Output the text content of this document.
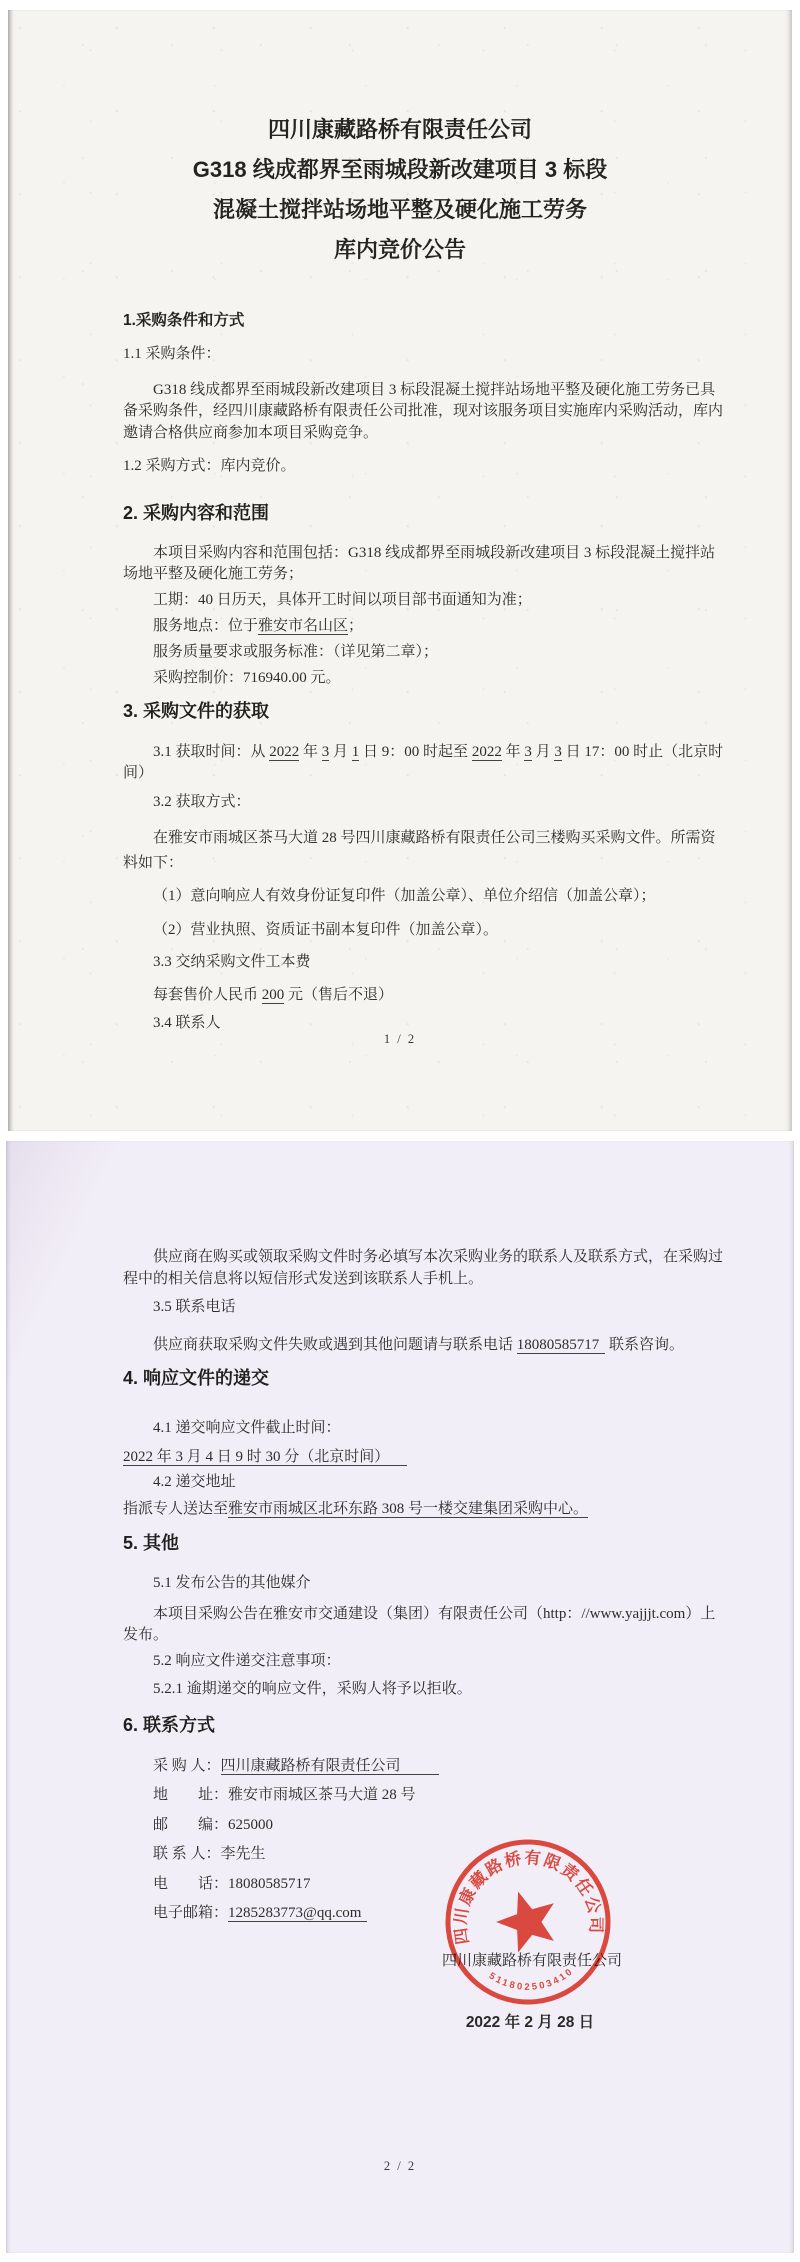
四川康藏路桥有限责任公司
G318 线成都界至雨城段新改建项目 3 标段
混凝土搅拌站场地平整及硬化施工劳务
库内竞价公告
1.采购条件和方式
1.1 采购条件：
G318 线成都界至雨城段新改建项目 3 标段混凝土搅拌站场地平整及硬化施工劳务已具备采购条件，经四川康藏路桥有限责任公司批准，现对该服务项目实施库内采购活动，库内邀请合格供应商参加本项目采购竞争。
1.2 采购方式：库内竞价。
2. 采购内容和范围
本项目采购内容和范围包括：G318 线成都界至雨城段新改建项目 3 标段混凝土搅拌站场地平整及硬化施工劳务；
工期：40 日历天，具体开工时间以项目部书面通知为准；
服务地点：位于雅安市名山区；
服务质量要求或服务标准：（详见第二章）；
采购控制价：716940.00 元。
3. 采购文件的获取
3.1 获取时间：从 2022 年 3 月 1 日 9：00 时起至 2022 年 3 月 3 日 17：00 时止（北京时间）
3.2 获取方式：
在雅安市雨城区茶马大道 28 号四川康藏路桥有限责任公司三楼购买采购文件。所需资料如下：
（1）意向响应人有效身份证复印件（加盖公章）、单位介绍信（加盖公章）；
（2）营业执照、资质证书副本复印件（加盖公章）。
3.3 交纳采购文件工本费
每套售价人民币 200 元（售后不退）
3.4 联系人
1 / 2
供应商在购买或领取采购文件时务必填写本次采购业务的联系人及联系方式，在采购过程中的相关信息将以短信形式发送到该联系人手机上。
3.5 联系电话
供应商获取采购文件失败或遇到其他问题请与联系电话 18080585717 联系咨询。
4. 响应文件的递交
4.1 递交响应文件截止时间：
2022 年 3 月 4 日 9 时 30 分（北京时间）
4.2 递交地址
指派专人送达至雅安市雨城区北环东路 308 号一楼交建集团采购中心。
5. 其他
5.1 发布公告的其他媒介
本项目采购公告在雅安市交通建设（集团）有限责任公司（http：//www.yajjjt.com）上发布。
5.2 响应文件递交注意事项：
5.2.1 逾期递交的响应文件，采购人将予以拒收。
6. 联系方式
采 购 人：四川康藏路桥有限责任公司
地　　址：雅安市雨城区茶马大道 28 号
邮　　编：625000
联 系 人：李先生
电　　话：18080585717
电子邮箱：1285283773@qq.com
四川康藏路桥有限责任公司
2022 年 2 月 28 日
四川康藏路桥有限责任公司
511802503410
2 / 2
